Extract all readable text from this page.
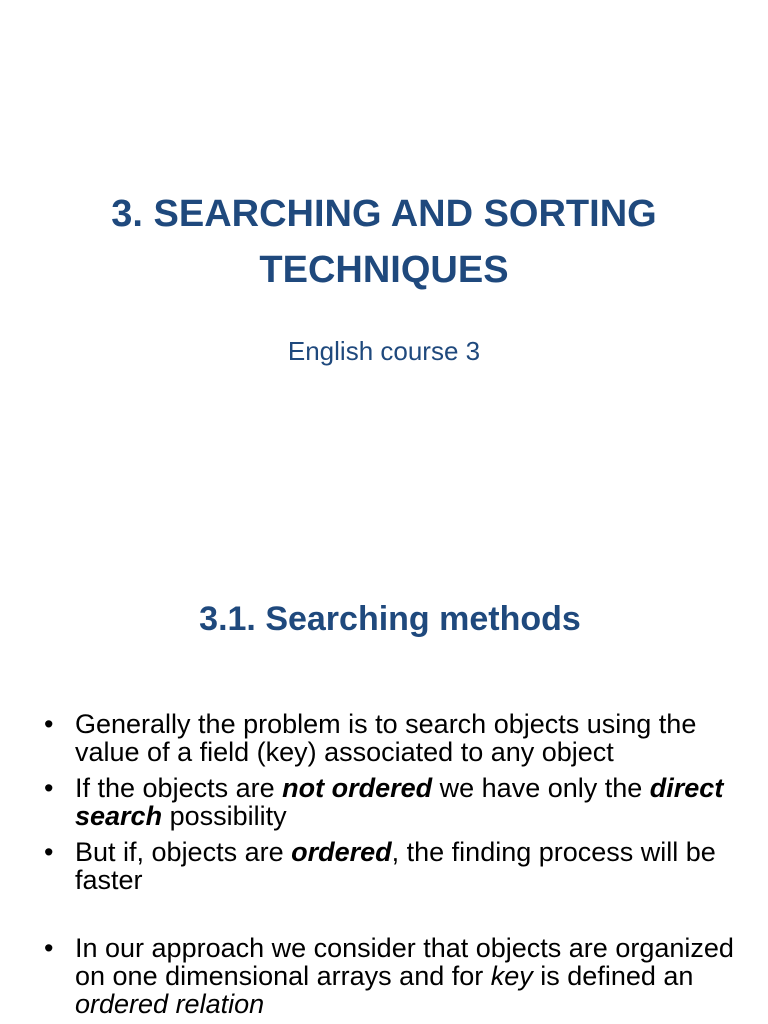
3. SEARCHING AND SORTING
TECHNIQUES

English course 3

3.1. Searching methods
• Generally the problem is to search objects using the value of a field (key) associated to any object
• If the objects are not ordered we have only the direct search possibility
• But if, objects are ordered, the finding process will be faster
• In our approach we consider that objects are organized on one dimensional arrays and for key is defined an ordered relation
